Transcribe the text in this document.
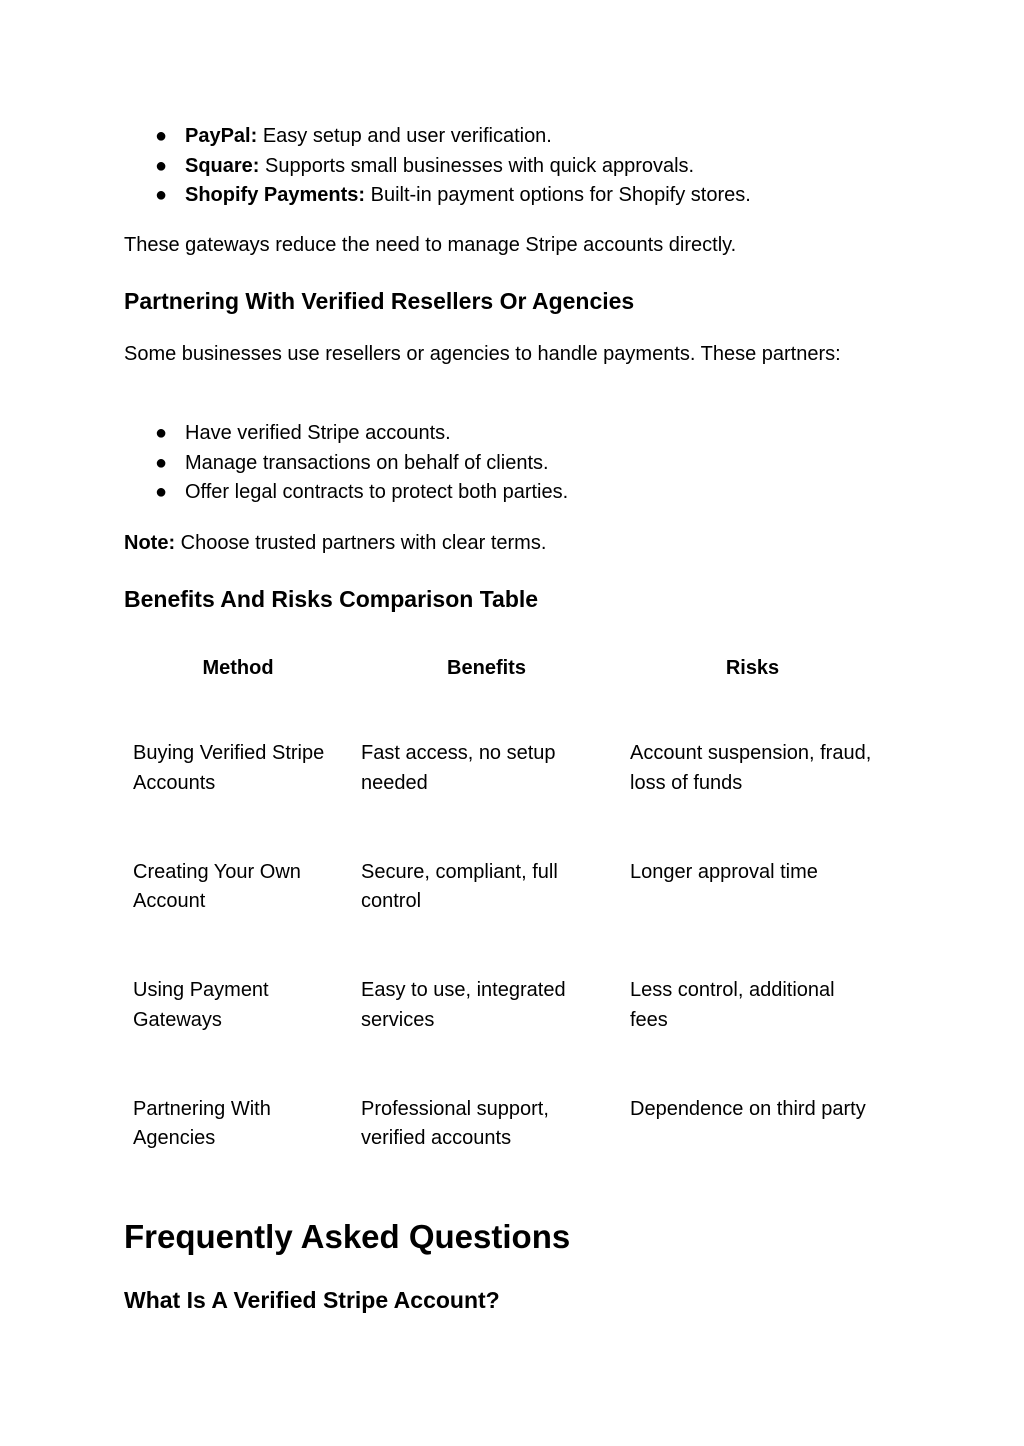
● PayPal: Easy setup and user verification.
● Square: Supports small businesses with quick approvals.
● Shopify Payments: Built-in payment options for Shopify stores.

These gateways reduce the need to manage Stripe accounts directly.

Partnering With Verified Resellers Or Agencies

Some businesses use resellers or agencies to handle payments. These partners:

● Have verified Stripe accounts.
● Manage transactions on behalf of clients.
● Offer legal contracts to protect both parties.

Note: Choose trusted partners with clear terms.

Benefits And Risks Comparison Table
Method	Benefits	Risks
Buying Verified Stripe Accounts	Fast access, no setup needed	Account suspension, fraud, loss of funds
Creating Your Own Account	Secure, compliant, full control	Longer approval time
Using Payment Gateways	Easy to use, integrated services	Less control, additional fees
Partnering With Agencies	Professional support, verified accounts	Dependence on third party
Frequently Asked Questions
What Is A Verified Stripe Account?
